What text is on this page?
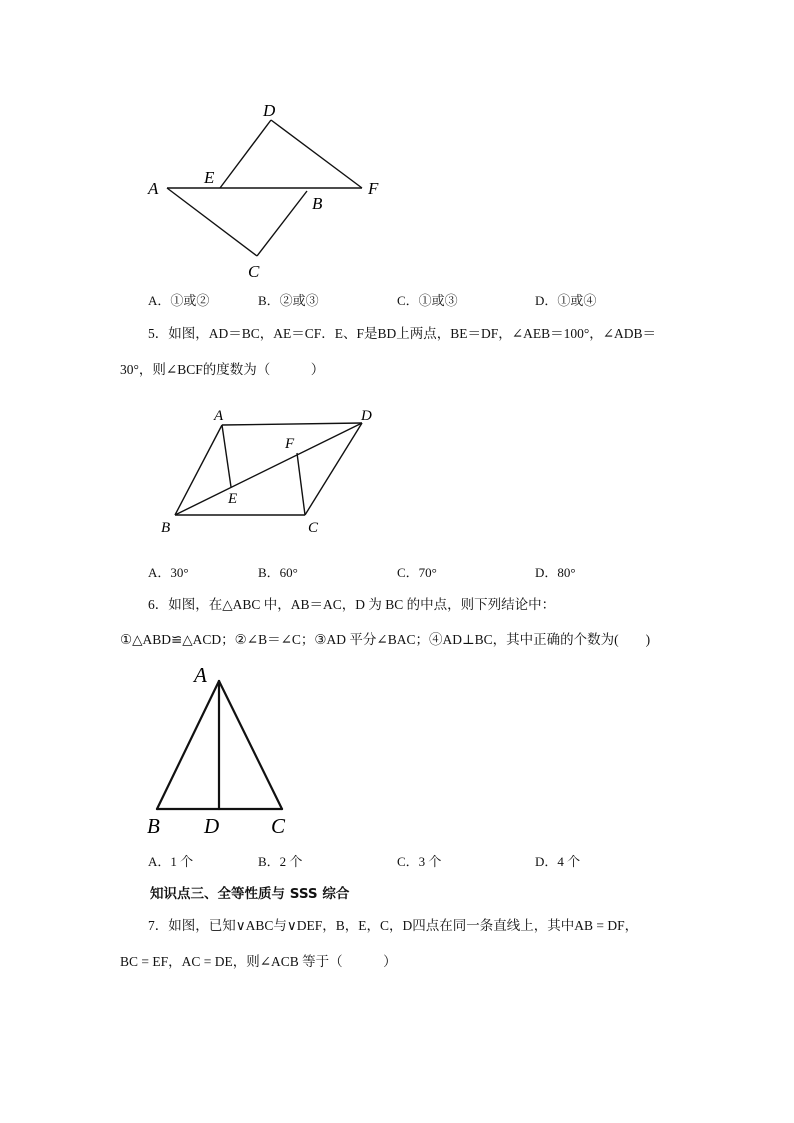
D
E
A	F
B
C
A．①或②	B．②或③	C．①或③	D．①或④
5．如图，AD＝BC，AE＝CF．E、F是BD上两点，BE＝DF，∠AEB＝100°，∠ADB＝
30°，则∠BCF的度数为（　　　）
A	D
F
E
B	C
A．30°	B．60°	C．70°	D．80°
6．如图，在△ABC 中，AB＝AC，D 为 BC 的中点，则下列结论中：
①△ABD≌△ACD；②∠B＝∠C；③AD 平分∠BAC；④AD⊥BC，其中正确的个数为(　　)
A
B D C
A．1 个	B．2 个	C．3 个	D．4 个
知识点三、全等性质与 SSS 综合
7．如图，已知∨ABC与∨DEF，B，E，C，D四点在同一条直线上，其中AB = DF，
BC = EF，AC = DE，则∠ACB 等于（　　　）
